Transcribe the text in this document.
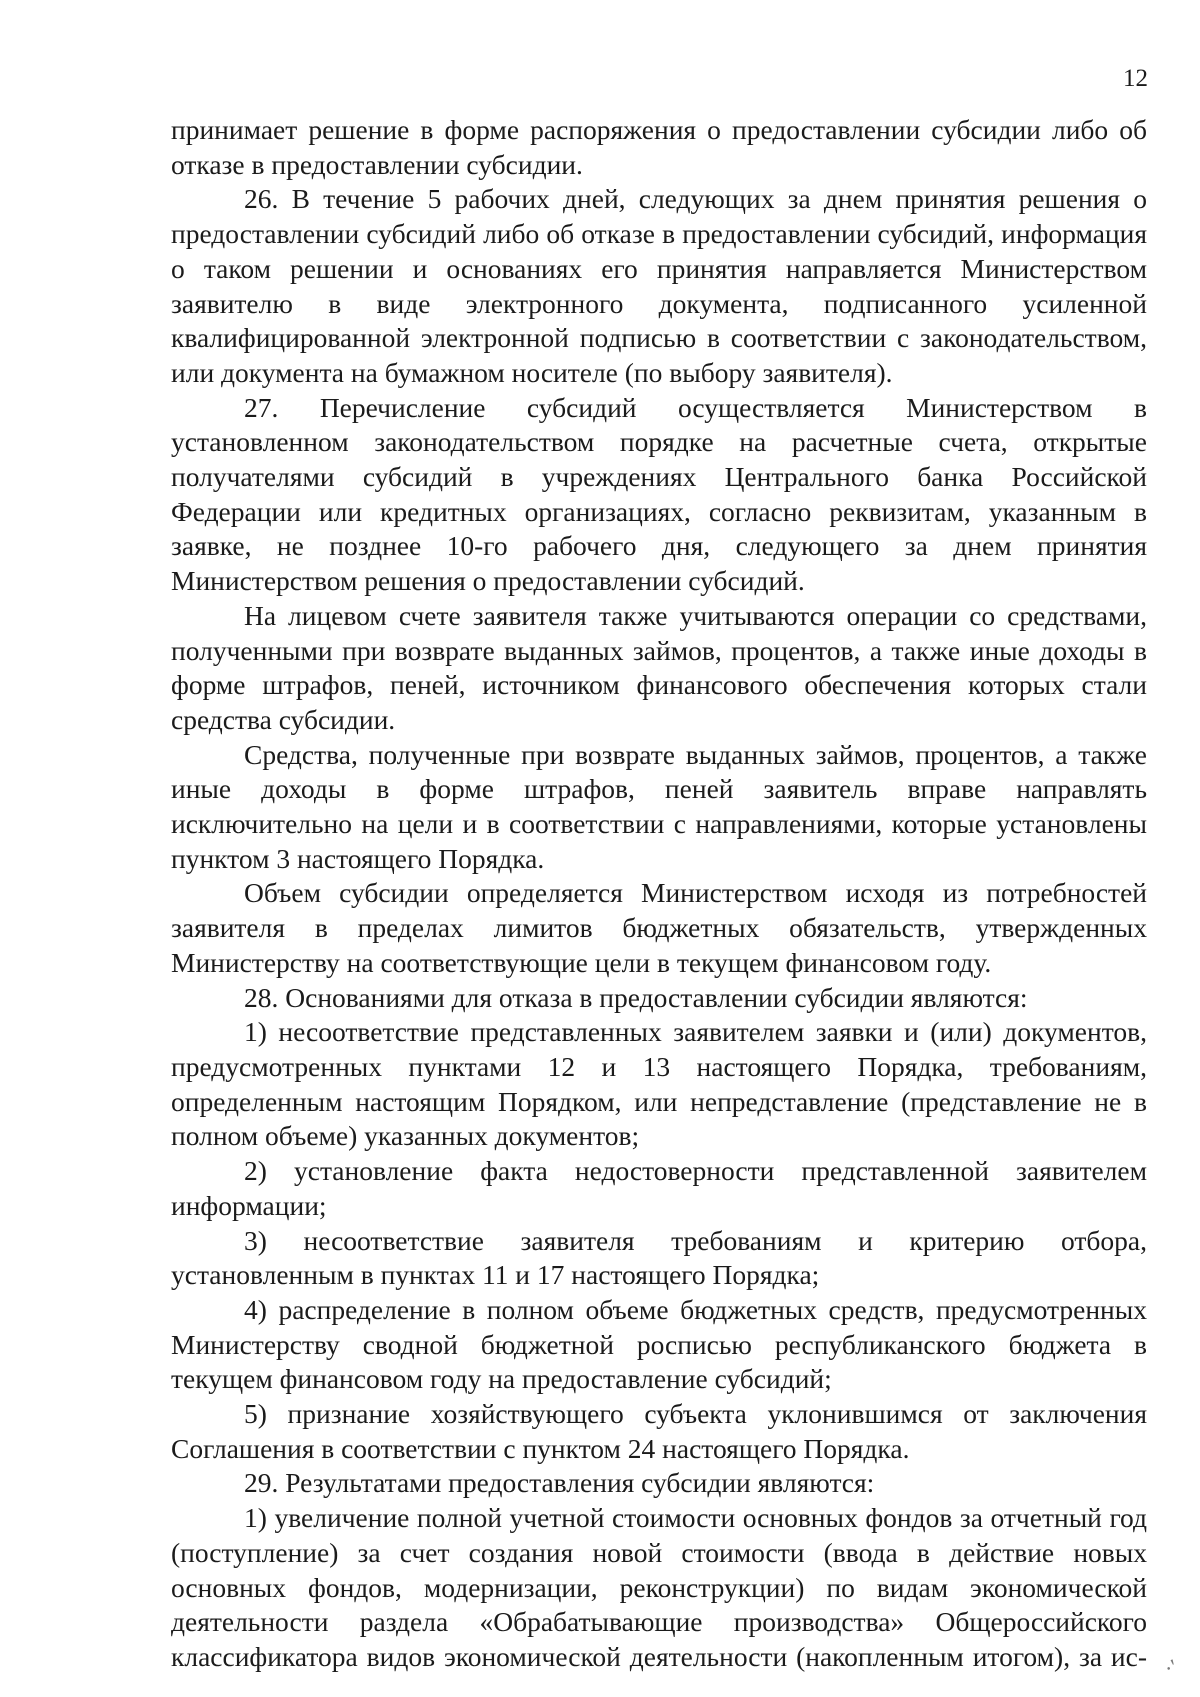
12

принимает решение в форме распоряжения о предоставлении субсидии либо об отказе в предоставлении субсидии.

26. В течение 5 рабочих дней, следующих за днем принятия решения о предоставлении субсидий либо об отказе в предоставлении субсидий, информация о таком решении и основаниях его принятия направляется Министерством заявителю в виде электронного документа, подписанного усиленной квалифицированной электронной подписью в соответствии с законодательством, или документа на бумажном носителе (по выбору заявителя).

27. Перечисление субсидий осуществляется Министерством в установленном законодательством порядке на расчетные счета, открытые получателями субсидий в учреждениях Центрального банка Российской Федерации или кредитных организациях, согласно реквизитам, указанным в заявке, не позднее 10-го рабочего дня, следующего за днем принятия Министерством решения о предоставлении субсидий.

На лицевом счете заявителя также учитываются операции со средствами, полученными при возврате выданных займов, процентов, а также иные доходы в форме штрафов, пеней, источником финансового обеспечения которых стали средства субсидии.

Средства, полученные при возврате выданных займов, процентов, а также иные доходы в форме штрафов, пеней заявитель вправе направлять исключительно на цели и в соответствии с направлениями, которые установлены пунктом 3 настоящего Порядка.

Объем субсидии определяется Министерством исходя из потребностей заявителя в пределах лимитов бюджетных обязательств, утвержденных Министерству на соответствующие цели в текущем финансовом году.

28. Основаниями для отказа в предоставлении субсидии являются:

1) несоответствие представленных заявителем заявки и (или) документов, предусмотренных пунктами 12 и 13 настоящего Порядка, требованиям, определенным настоящим Порядком, или непредставление (представление не в полном объеме) указанных документов;

2) установление факта недостоверности представленной заявителем информации;

3) несоответствие заявителя требованиям и критерию отбора, установленным в пунктах 11 и 17 настоящего Порядка;

4) распределение в полном объеме бюджетных средств, предусмотренных Министерству сводной бюджетной росписью республиканского бюджета в текущем финансовом году на предоставление субсидий;

5) признание хозяйствующего субъекта уклонившимся от заключения Соглашения в соответствии с пунктом 24 настоящего Порядка.

29. Результатами предоставления субсидии являются:

1) увеличение полной учетной стоимости основных фондов за отчетный год (поступление) за счет создания новой стоимости (ввода в действие новых основных фондов, модернизации, реконструкции) по видам экономической деятельности раздела «Обрабатывающие производства» Общероссийского классификатора видов экономической деятельности (накопленным итогом), за ис- ·'
